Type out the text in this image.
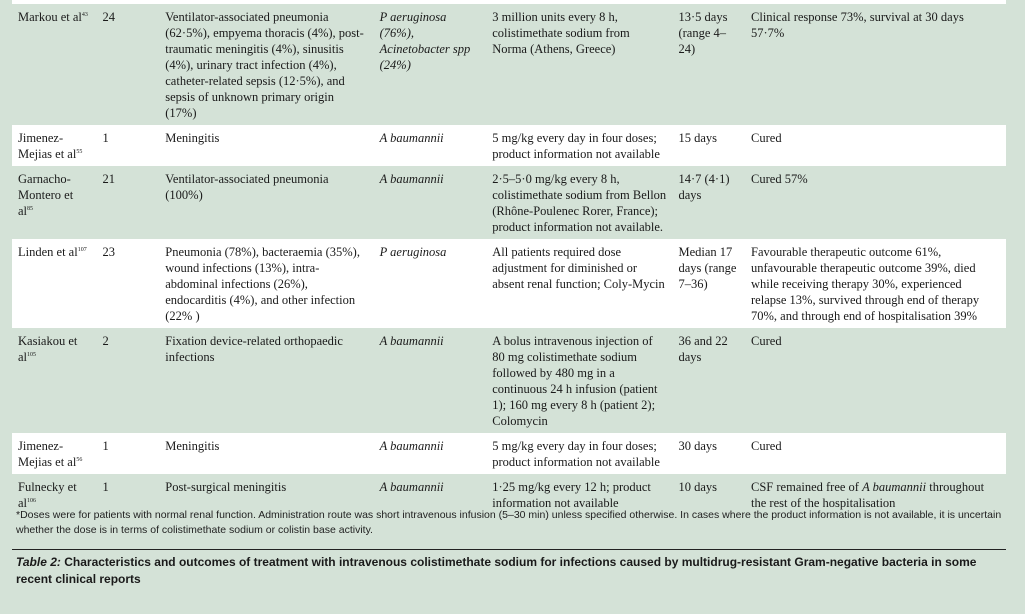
Markou et $al^{43}$	24	Ventilator-associated pneumonia (62·5%), empyema thoracis (4%), post-traumatic meningitis (4%), sinusitis (4%), urinary tract infection (4%), catheter-related sepsis (12·5%), and sepsis of unknown primary origin (17%)	P aeruginosa (76%), Acinetobacter spp (24%)	3 million units every 8 h, colistimethate sodium from Norma (Athens, Greece)	13·5 days (range 4–24)	Clinical response 73%, survival at 30 days 57·7%
Jimenez-Mejias et $al^{55}$	1	Meningitis	A baumannii	5 mg/kg every day in four doses; product information not available	15 days	Cured
Garnacho-Montero et $al^{85}$	21	Ventilator-associated pneumonia (100%)	A baumannii	2·5–5·0 mg/kg every 8 h, colistimethate sodium from Bellon (Rhône-Poulenec Rorer, France); product information not available.	14·7 (4·1) days	Cured 57%
Linden et $al^{107}$	23	Pneumonia (78%), bacteraemia (35%), wound infections (13%), intra-abdominal infections (26%), endocarditis (4%), and other infection (22% )	P aeruginosa	All patients required dose adjustment for diminished or absent renal function; Coly-Mycin	Median 17 days (range 7–36)	Favourable therapeutic outcome 61%, unfavourable therapeutic outcome 39%, died while receiving therapy 30%, experienced relapse 13%, survived through end of therapy 70%, and through end of hospitalisation 39%
Kasiakou et $al^{105}$	2	Fixation device-related orthopaedic infections	A baumannii	A bolus intravenous injection of 80 mg colistimethate sodium followed by 480 mg in a continuous 24 h infusion (patient 1); 160 mg every 8 h (patient 2); Colomycin	36 and 22 days	Cured
Jimenez-Mejias et $al^{56}$	1	Meningitis	A baumannii	5 mg/kg every day in four doses; product information not available	30 days	Cured
Fulnecky et $al^{106}$	1	Post-surgical meningitis	A baumannii	1·25 mg/kg every 12 h; product information not available	10 days	CSF remained free of A baumannii throughout the rest of the hospitalisation
*Doses were for patients with normal renal function. Administration route was short intravenous infusion (5–30 min) unless specified otherwise. In cases where the product information is not available, it is uncertain whether the dose is in terms of colistimethate sodium or colistin base activity.
Table 2: Characteristics and outcomes of treatment with intravenous colistimethate sodium for infections caused by multidrug-resistant Gram-negative bacteria in some recent clinical reports
